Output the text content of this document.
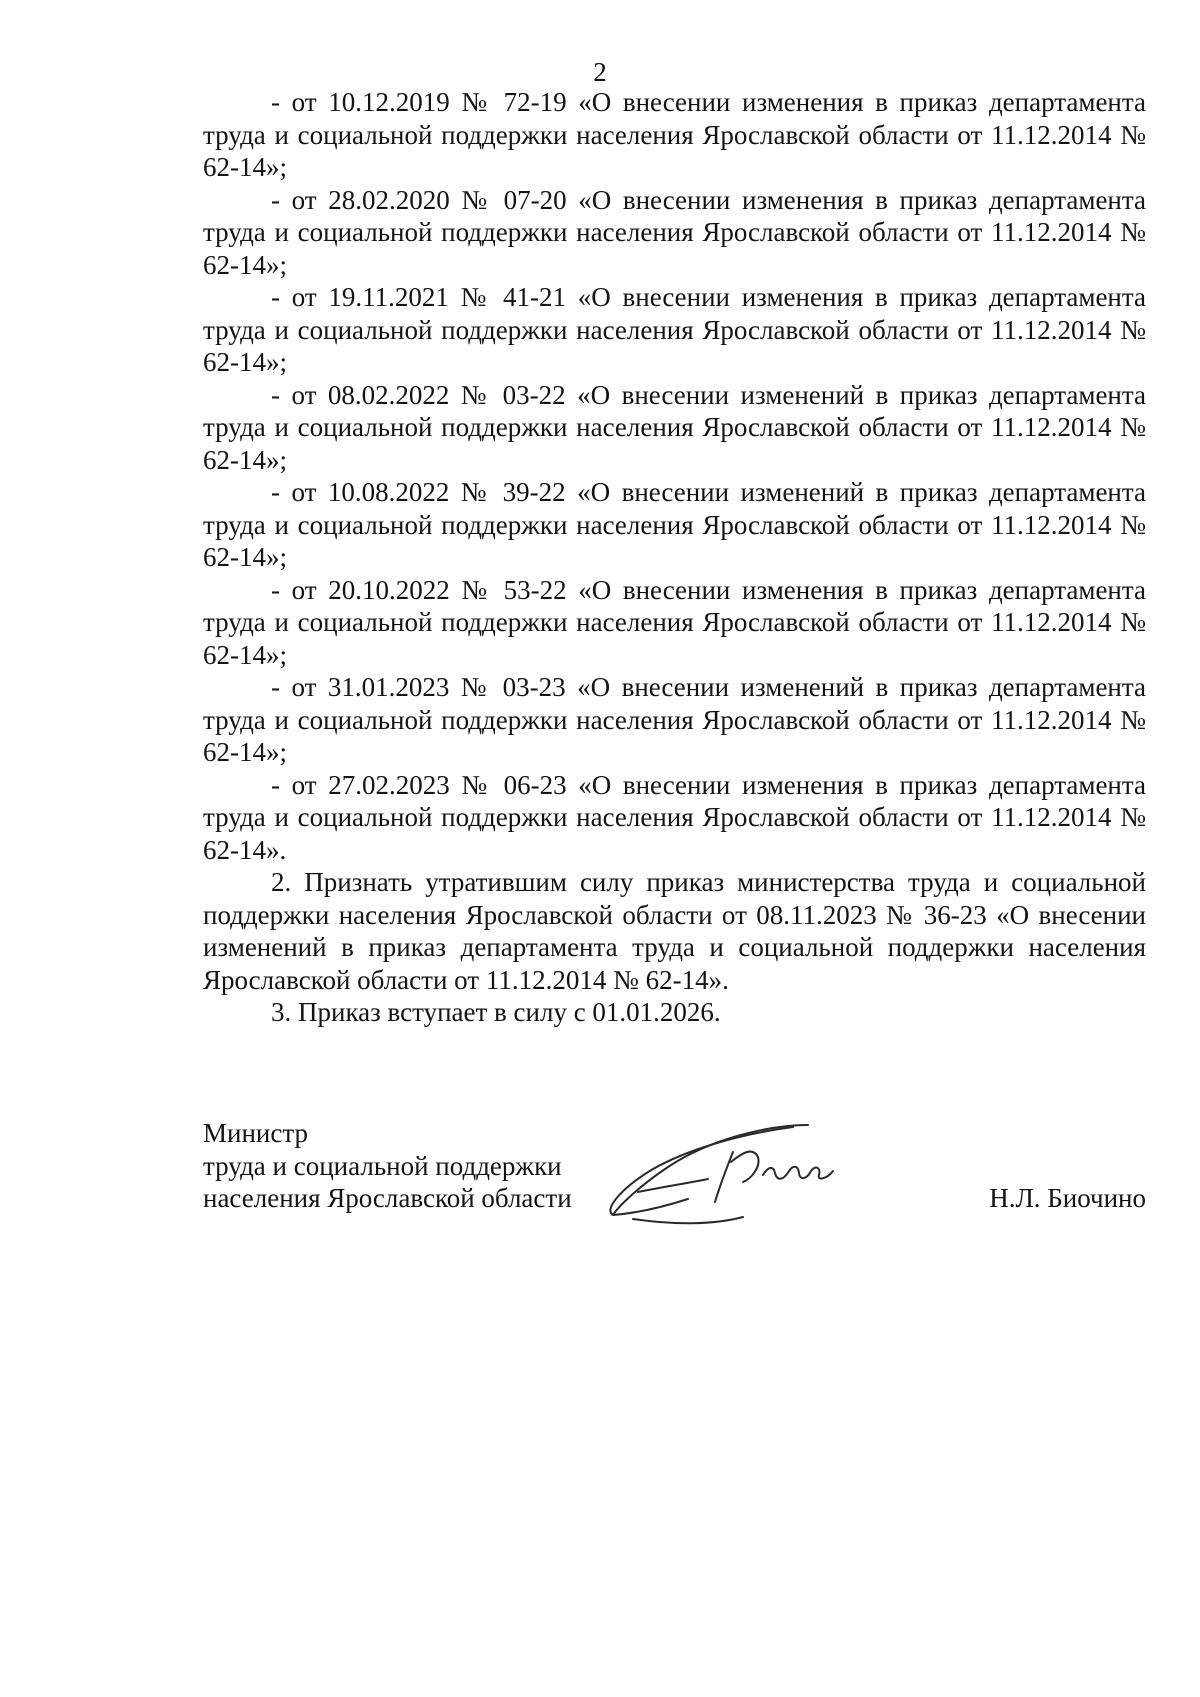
2

- от 10.12.2019 № 72-19 «О внесении изменения в приказ департамента труда и социальной поддержки населения Ярославской области от 11.12.2014 № 62-14»;

- от 28.02.2020 № 07-20 «О внесении изменения в приказ департамента труда и социальной поддержки населения Ярославской области от 11.12.2014 № 62-14»;

- от 19.11.2021 № 41-21 «О внесении изменения в приказ департамента труда и социальной поддержки населения Ярославской области от 11.12.2014 № 62-14»;

- от 08.02.2022 № 03-22 «О внесении изменений в приказ департамента труда и социальной поддержки населения Ярославской области от 11.12.2014 № 62-14»;

- от 10.08.2022 № 39-22 «О внесении изменений в приказ департамента труда и социальной поддержки населения Ярославской области от 11.12.2014 № 62-14»;

- от 20.10.2022 № 53-22 «О внесении изменения в приказ департамента труда и социальной поддержки населения Ярославской области от 11.12.2014 № 62-14»;

- от 31.01.2023 № 03-23 «О внесении изменений в приказ департамента труда и социальной поддержки населения Ярославской области от 11.12.2014 № 62-14»;

- от 27.02.2023 № 06-23 «О внесении изменения в приказ департамента труда и социальной поддержки населения Ярославской области от 11.12.2014 № 62-14».

2. Признать утратившим силу приказ министерства труда и социальной поддержки населения Ярославской области от 08.11.2023 № 36-23 «О внесении изменений в приказ департамента труда и социальной поддержки населения Ярославской области от 11.12.2014 № 62-14».

3. Приказ вступает в силу с 01.01.2026.

Министр
труда и социальной поддержки
населения Ярославской области	Н.Л. Биочино
